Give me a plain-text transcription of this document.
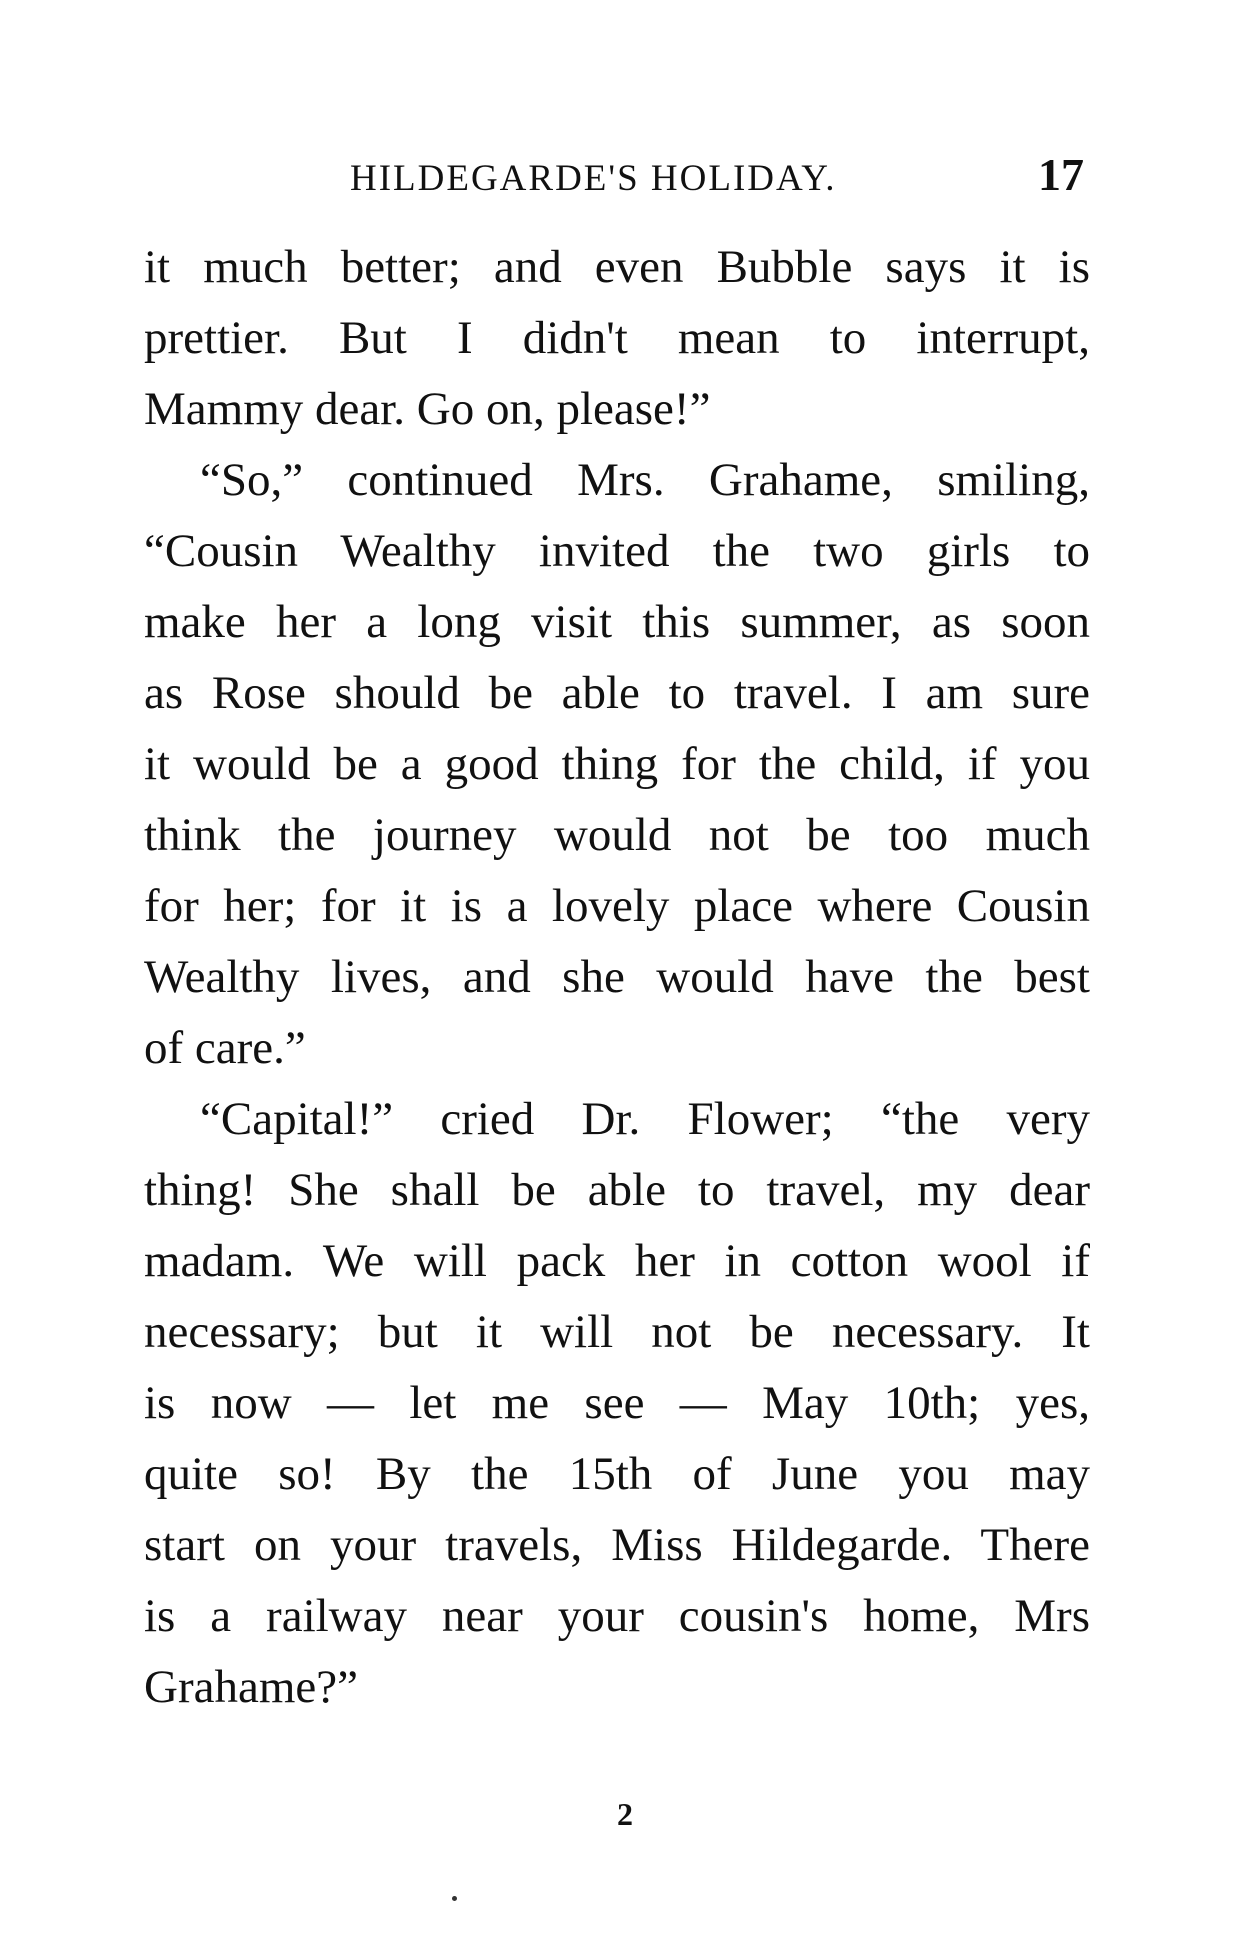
HILDEGARDE'S HOLIDAY.	17
it much better; and even Bubble says it is
prettier. But I didn't mean to interrupt,
Mammy dear. Go on, please!”
“So,” continued Mrs. Grahame, smiling,
“Cousin Wealthy invited the two girls to
make her a long visit this summer, as soon
as Rose should be able to travel. I am sure
it would be a good thing for the child, if you
think the journey would not be too much
for her; for it is a lovely place where Cousin
Wealthy lives, and she would have the best
of care.”
“Capital!” cried Dr. Flower; “the very
thing! She shall be able to travel, my dear
madam. We will pack her in cotton wool if
necessary; but it will not be necessary. It
is now — let me see — May 10th; yes,
quite so! By the 15th of June you may
start on your travels, Miss Hildegarde. There
is a railway near your cousin's home, Mrs
Grahame?”
2
